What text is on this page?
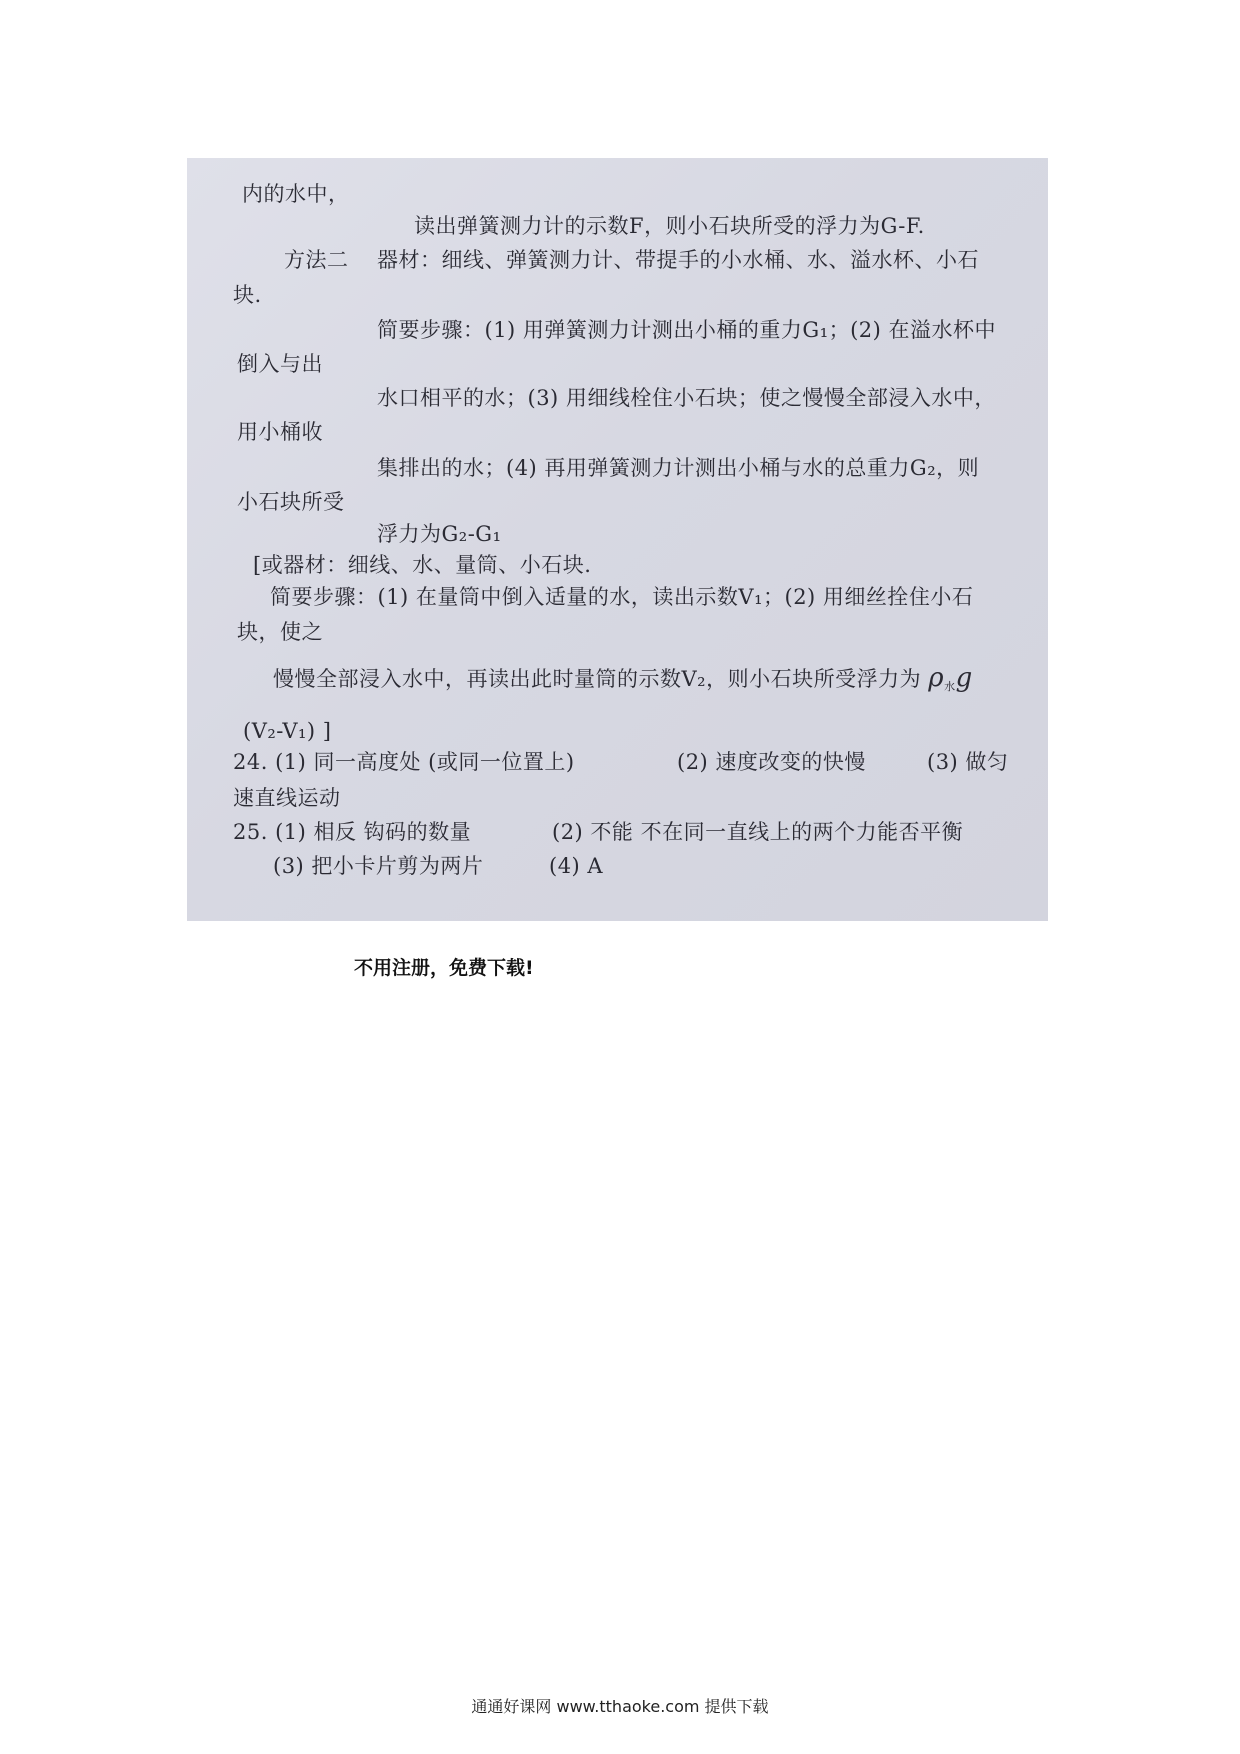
内的水中，
读出弹簧测力计的示数F，则小石块所受的浮力为G-F.
方法二 器材：细线、弹簧测力计、带提手的小水桶、水、溢水杯、小石
块.
简要步骤：(1) 用弹簧测力计测出小桶的重力G₁；(2) 在溢水杯中
倒入与出
水口相平的水；(3) 用细线栓住小石块；使之慢慢全部浸入水中，
用小桶收
集排出的水；(4) 再用弹簧测力计测出小桶与水的总重力G₂，则
小石块所受
浮力为G₂-G₁
[或器材：细线、水、量筒、小石块.
简要步骤：(1) 在量筒中倒入适量的水，读出示数V₁；(2) 用细丝拴住小石
块，使之
慢慢全部浸入水中，再读出此时量筒的示数V₂，则小石块所受浮力为 $\rho_水g$
(V₂-V₁) ]
24. (1) 同一高度处 (或同一位置上)	(2) 速度改变的快慢	(3) 做匀
速直线运动
25. (1) 相反 钩码的数量	(2) 不能 不在同一直线上的两个力能否平衡
(3) 把小卡片剪为两片	(4) A
不用注册，免费下载!
通通好课网 www.tthaoke.com 提供下载
